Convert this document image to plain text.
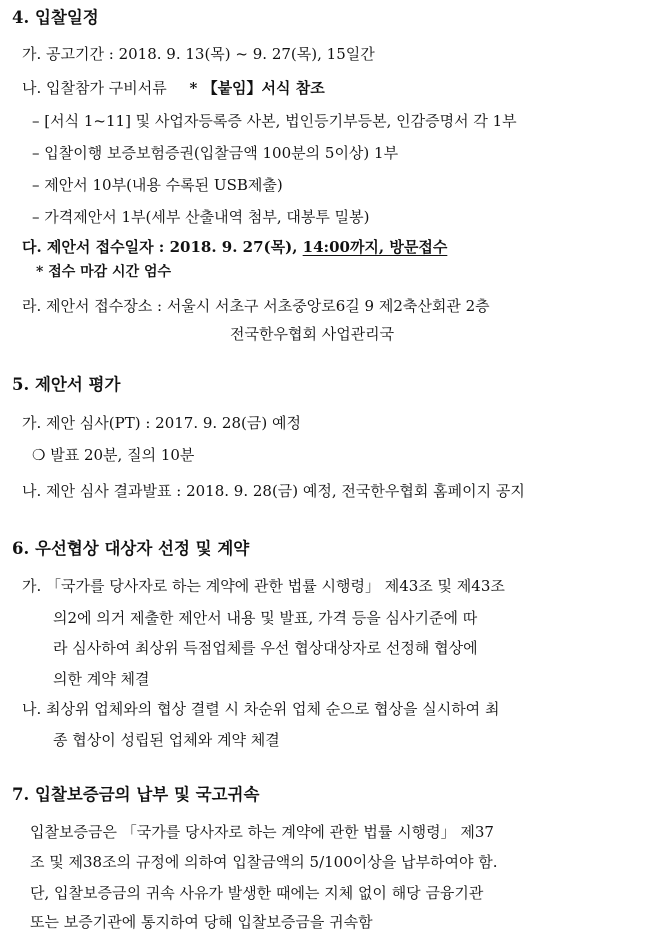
4. 입찰일정
가. 공고기간 : 2018. 9. 13(목) ~ 9. 27(목), 15일간
나. 입찰참가 구비서류 * 【붙임】서식 참조
– [서식 1~11] 및 사업자등록증 사본, 법인등기부등본, 인감증명서 각 1부
– 입찰이행 보증보험증권(입찰금액 100분의 5이상) 1부
– 제안서 10부(내용 수록된 USB제출)
– 가격제안서 1부(세부 산출내역 첨부, 대봉투 밀봉)
다. 제안서 접수일자 : 2018. 9. 27(목), 14:00까지, 방문접수
* 접수 마감 시간 엄수
라. 제안서 접수장소 : 서울시 서초구 서초중앙로6길 9 제2축산회관 2층
전국한우협회 사업관리국
5. 제안서 평가
가. 제안 심사(PT) : 2017. 9. 28(금) 예정
❍ 발표 20분, 질의 10분
나. 제안 심사 결과발표 : 2018. 9. 28(금) 예정, 전국한우협회 홈페이지 공지
6. 우선협상 대상자 선정 및 계약
가. 「국가를 당사자로 하는 계약에 관한 법률 시행령」 제43조 및 제43조
의2에 의거 제출한 제안서 내용 및 발표, 가격 등을 심사기준에 따
라 심사하여 최상위 득점업체를 우선 협상대상자로 선정해 협상에
의한 계약 체결
나. 최상위 업체와의 협상 결렬 시 차순위 업체 순으로 협상을 실시하여 최
종 협상이 성립된 업체와 계약 체결
7. 입찰보증금의 납부 및 국고귀속
입찰보증금은 「국가를 당사자로 하는 계약에 관한 법률 시행령」 제37
조 및 제38조의 규정에 의하여 입찰금액의 5/100이상을 납부하여야 함.
단, 입찰보증금의 귀속 사유가 발생한 때에는 지체 없이 해당 금융기관
또는 보증기관에 통지하여 당해 입찰보증금을 귀속함
